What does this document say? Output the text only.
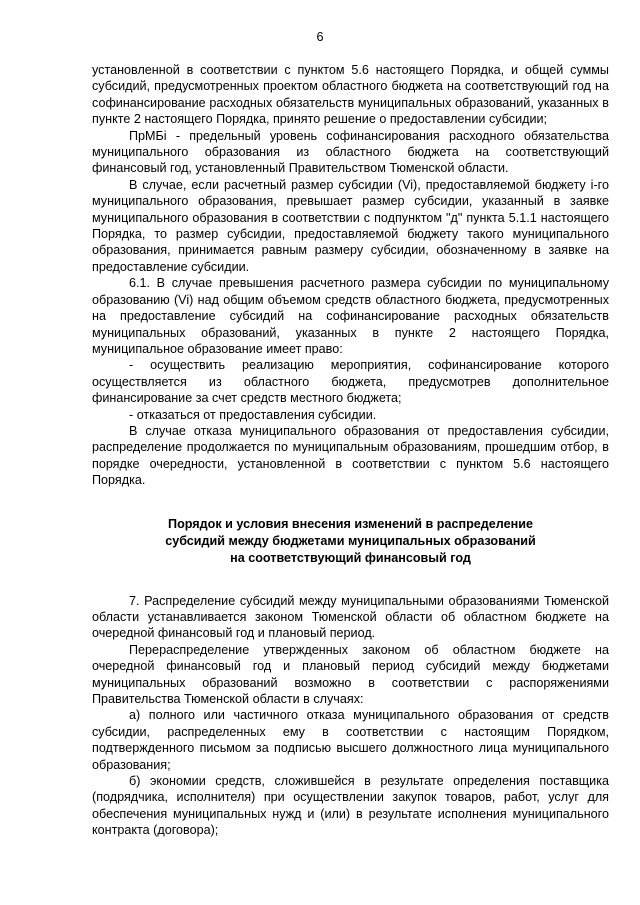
6

установленной в соответствии с пунктом 5.6 настоящего Порядка, и общей суммы субсидий, предусмотренных проектом областного бюджета на соответствующий год на софинансирование расходных обязательств муниципальных образований, указанных в пункте 2 настоящего Порядка, принято решение о предоставлении субсидии;

ПрМБi - предельный уровень софинансирования расходного обязательства муниципального образования из областного бюджета на соответствующий финансовый год, установленный Правительством Тюменской области.

В случае, если расчетный размер субсидии (Vi), предоставляемой бюджету i-го муниципального образования, превышает размер субсидии, указанный в заявке муниципального образования в соответствии с подпунктом "д" пункта 5.1.1 настоящего Порядка, то размер субсидии, предоставляемой бюджету такого муниципального образования, принимается равным размеру субсидии, обозначенному в заявке на предоставление субсидии.

6.1. В случае превышения расчетного размера субсидии по муниципальному образованию (Vi) над общим объемом средств областного бюджета, предусмотренных на предоставление субсидий на софинансирование расходных обязательств муниципальных образований, указанных в пункте 2 настоящего Порядка, муниципальное образование имеет право:

- осуществить реализацию мероприятия, софинансирование которого осуществляется из областного бюджета, предусмотрев дополнительное финансирование за счет средств местного бюджета;

- отказаться от предоставления субсидии.

В случае отказа муниципального образования от предоставления субсидии, распределение продолжается по муниципальным образованиям, прошедшим отбор, в порядке очередности, установленной в соответствии с пунктом 5.6 настоящего Порядка.

Порядок и условия внесения изменений в распределение
субсидий между бюджетами муниципальных образований
на соответствующий финансовый год

7. Распределение субсидий между муниципальными образованиями Тюменской области устанавливается законом Тюменской области об областном бюджете на очередной финансовый год и плановый период.

Перераспределение утвержденных законом об областном бюджете на очередной финансовый год и плановый период субсидий между бюджетами муниципальных образований возможно в соответствии с распоряжениями Правительства Тюменской области в случаях:

а) полного или частичного отказа муниципального образования от средств субсидии, распределенных ему в соответствии с настоящим Порядком, подтвержденного письмом за подписью высшего должностного лица муниципального образования;

б) экономии средств, сложившейся в результате определения поставщика (подрядчика, исполнителя) при осуществлении закупок товаров, работ, услуг для обеспечения муниципальных нужд и (или) в результате исполнения муниципального контракта (договора);
